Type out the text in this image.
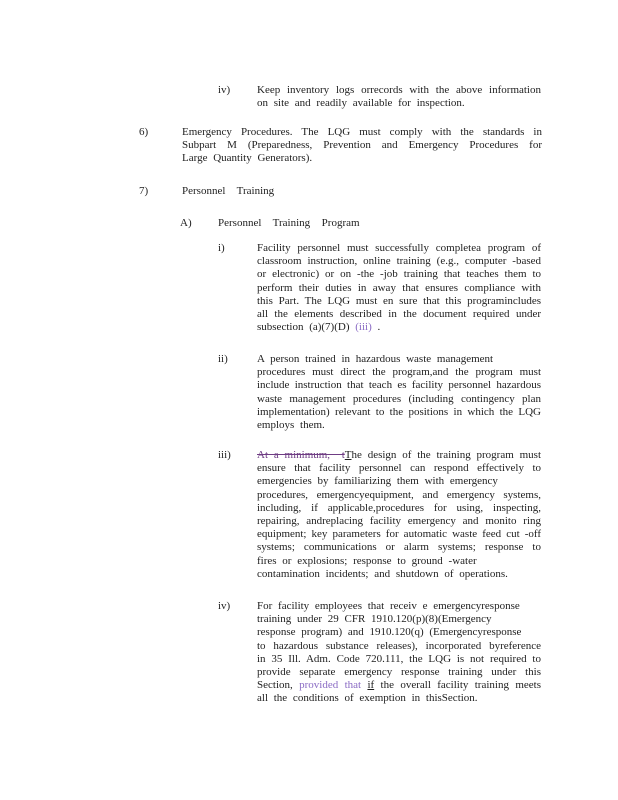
iv)	Keep inventory logs orrecords with the above information
on site and readily available for inspection.
6)	Emergency Procedures. The LQG must comply with the standards in
Subpart M (Preparedness, Prevention and Emergency Procedures for
Large Quantity Generators).
7)	Personnel  Training
A)	Personnel  Training  Program
i)	Facility personnel must successfully completea program of
classroom instruction, online training (e.g., computer -based
or electronic) or on -the -job training that teaches them to
perform their duties in away that ensures compliance with
this Part. The LQG must en sure that this programincludes
all the elements described in the document required under
subsection (a)(7)(D) (iii) .
ii)	A person trained in hazardous waste management
procedures must direct the program,and the program must
include instruction that teach es facility personnel hazardous
waste management procedures (including contingency plan
implementation) relevant to the positions in which the LQG
employs them.
iii)	At a minimum,  tThe design of the training program must
ensure that facility personnel can respond effectively to
emergencies by familiarizing them with emergency
procedures, emergencyequipment, and emergency systems,
including, if applicable,procedures for using, inspecting,
repairing, andreplacing facility emergency and monito ring
equipment; key parameters for automatic waste feed cut -off
systems; communications or alarm systems; response to
fires or explosions; response to ground -water
contamination incidents; and shutdown of operations.
iv)	For facility employees that receiv e emergencyresponse
training under 29 CFR 1910.120(p)(8)(Emergency
response program) and 1910.120(q) (Emergencyresponse
to hazardous substance releases), incorporated byreference
in 35 Ill. Adm. Code 720.111, the LQG is not required to
provide separate emergency response training under this
Section, provided that if the overall facility training meets
all the conditions of exemption in thisSection.
